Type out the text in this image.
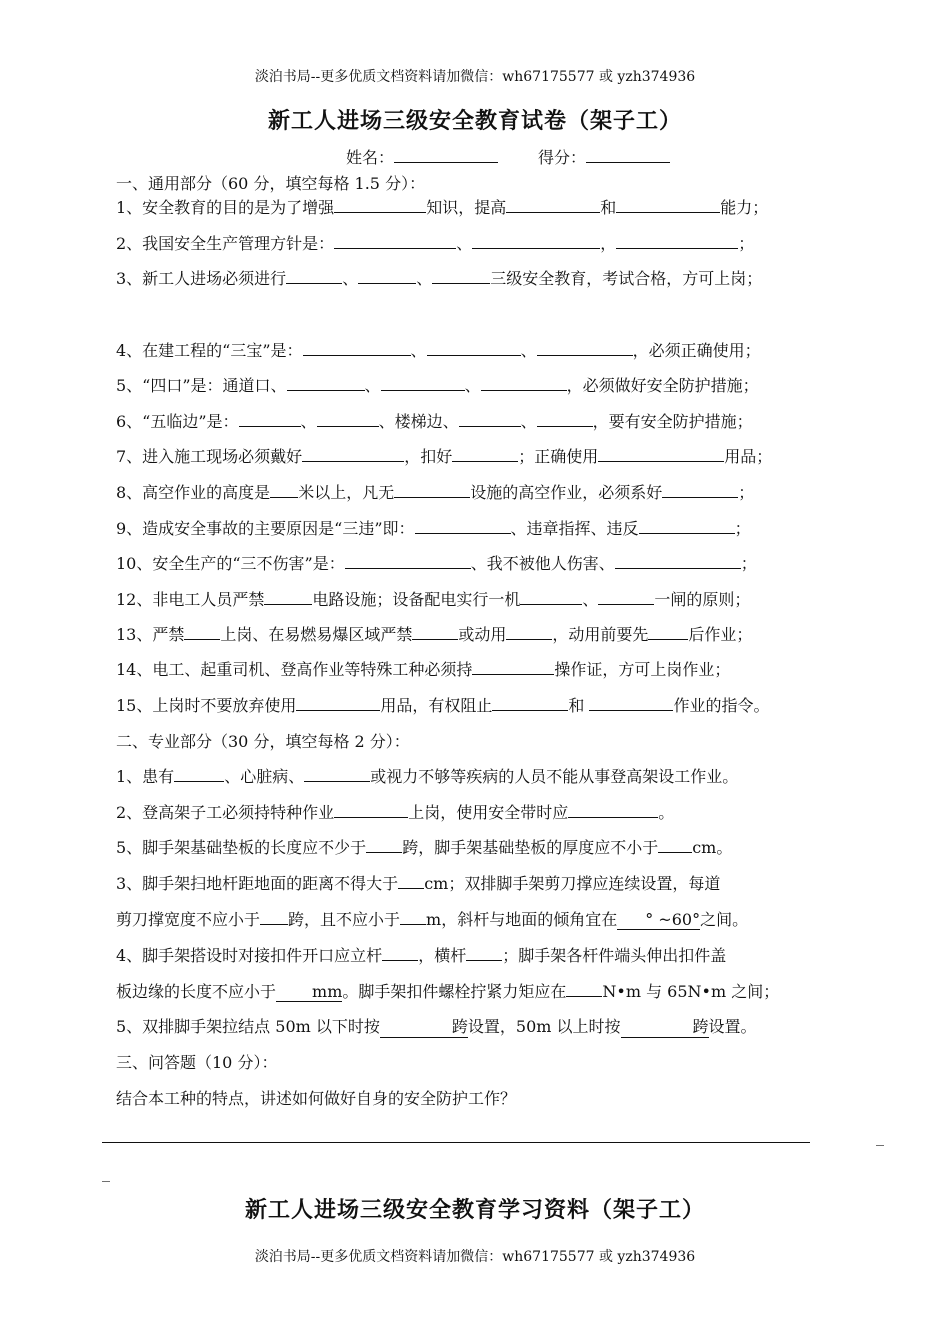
淡泊书局--更多优质文档资料请加微信：wh67175577 或 yzh374936
新工人进场三级安全教育试卷（架子工）
姓名：	得分：
一、通用部分（60 分，填空每格 1.5 分）：
1、安全教育的目的是为了增强	知识，提高	和	能力；
2、我国安全生产管理方针是：	、	，	；
3、新工人进场必须进行	、	、	三级安全教育，考试合格，方可上岗；
4、在建工程的“三宝”是：	、	、	，必须正确使用；
5、“四口”是：通道口、	、	、	，必须做好安全防护措施；
6、“五临边”是：	、	、楼梯边、	、	，要有安全防护措施；
7、进入施工现场必须戴好	，扣好	；正确使用	用品；
8、高空作业的高度是 米以上，凡无	设施的高空作业，必须系好	；
9、造成安全事故的主要原因是“三违”即：	、违章指挥、违反	；
10、安全生产的“三不伤害”是：	、我不被他人伤害、	；
12、非电工人员严禁	电路设施；设备配电实行一机	、	一闸的原则；
13、严禁 上岗、在易燃易爆区域严禁	或动用	，动用前要先	后作业；
14、电工、起重司机、登高作业等特殊工种必须持	操作证，方可上岗作业；
15、上岗时不要放弃使用	用品，有权阻止	和	作业的指令。
二、专业部分（30 分，填空每格 2 分）：
1、患有	、心脏病、	或视力不够等疾病的人员不能从事登高架设工作业。
2、登高架子工必须持特种作业	上岗，使用安全带时应	。
5、脚手架基础垫板的长度应不少于 跨，脚手架基础垫板的厚度应不小于 cm。
3、脚手架扫地杆距地面的距离不得大于 cm；双排脚手架剪刀撑应连续设置，每道
剪刀撑宽度不应小于 跨，且不应小于 m，斜杆与地面的倾角宜在 ° ~60°之间。
4、脚手架搭设时对接扣件开口应立杆 ，横杆 ；脚手架各杆件端头伸出扣件盖
板边缘的长度不应小于 mm。脚手架扣件螺栓拧紧力矩应在 N•m 与 65N•m 之间；
5、双排脚手架拉结点 50m 以下时按	跨设置，50m 以上时按	跨设置。
三、问答题（10 分）：
结合本工种的特点，讲述如何做好自身的安全防护工作？
_
_
新工人进场三级安全教育学习资料（架子工）
淡泊书局--更多优质文档资料请加微信：wh67175577 或 yzh374936
